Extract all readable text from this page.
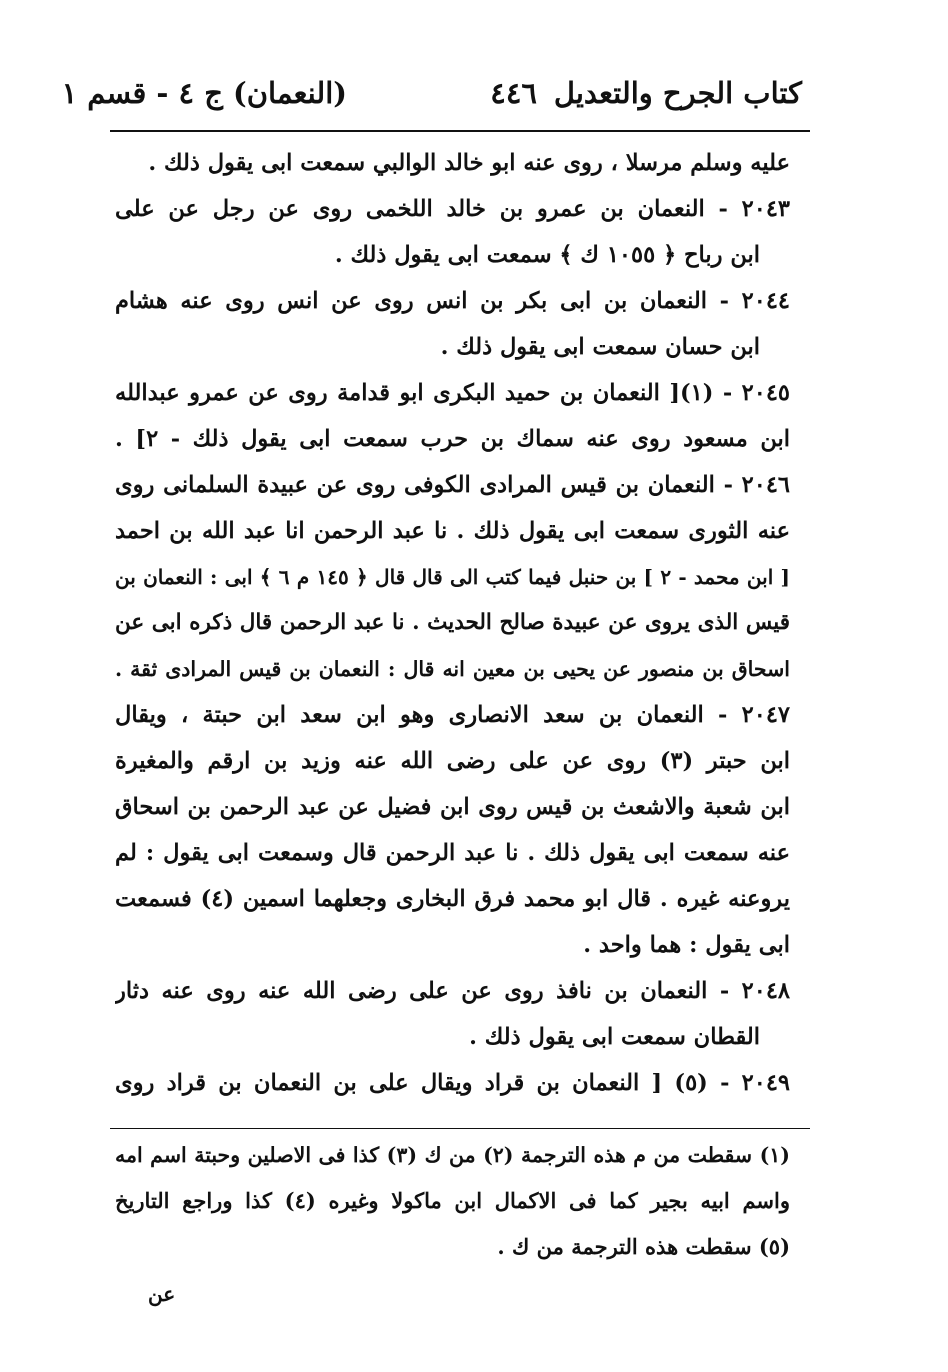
كتاب الجرح والتعديل
٤٤٦
(النعمان) ج ٤ - قسم ١
عليه وسلم مرسلا ، روى عنه ابو خالد الوالبي سمعت ابى يقول ذلك .
٢٠٤٣ - النعمان بن عمرو بن خالد اللخمى روى عن رجل عن على
ابن رباح ﴿ ١٠٥٥ ك ﴾ سمعت ابى يقول ذلك .
٢٠٤٤ - النعمان بن ابى بكر بن انس روى عن انس روى عنه هشام
ابن حسان سمعت ابى يقول ذلك .
٢٠٤٥ - (١)[ النعمان بن حميد البكرى ابو قدامة روى عن عمرو عبدالله
ابن مسعود روى عنه سماك بن حرب سمعت ابى يقول ذلك - ٢] .
٢٠٤٦ - النعمان بن قيس المرادى الكوفى روى عن عبيدة السلمانى روى
عنه الثورى سمعت ابى يقول ذلك . نا عبد الرحمن انا عبد الله بن احمد
[ ابن محمد - ٢ ] بن حنبل فيما كتب الى قال قال ﴿ ١٤٥ م ٦ ﴾ ابى : النعمان بن
قيس الذى يروى عن عبيدة صالح الحديث . نا عبد الرحمن قال ذكره ابى عن
اسحاق بن منصور عن يحيى بن معين انه قال : النعمان بن قيس المرادى ثقة .
٢٠٤٧ - النعمان بن سعد الانصارى وهو ابن سعد ابن حبتة ، ويقال
ابن حبتر (٣) روى عن على رضى الله عنه وزيد بن ارقم والمغيرة
ابن شعبة والاشعث بن قيس روى ابن فضيل عن عبد الرحمن بن اسحاق
عنه سمعت ابى يقول ذلك . نا عبد الرحمن قال وسمعت ابى يقول : لم
يروعنه غيره . قال ابو محمد فرق البخارى وجعلهما اسمين (٤) فسمعت
ابى يقول : هما واحد .
٢٠٤٨ - النعمان بن نافذ روى عن على رضى الله عنه روى عنه دثار
القطان سمعت ابى يقول ذلك .
٢٠٤٩ - (٥) [ النعمان بن قراد ويقال على بن النعمان بن قراد روى
(١) سقطت من م هذه الترجمة (٢) من ك (٣) كذا فى الاصلين وحبتة اسم امه
واسم ابيه بجير كما فى الاكمال ابن ماكولا وغيره (٤) كذا وراجع التاريخ
(٥) سقطت هذه الترجمة من ك .
عن
